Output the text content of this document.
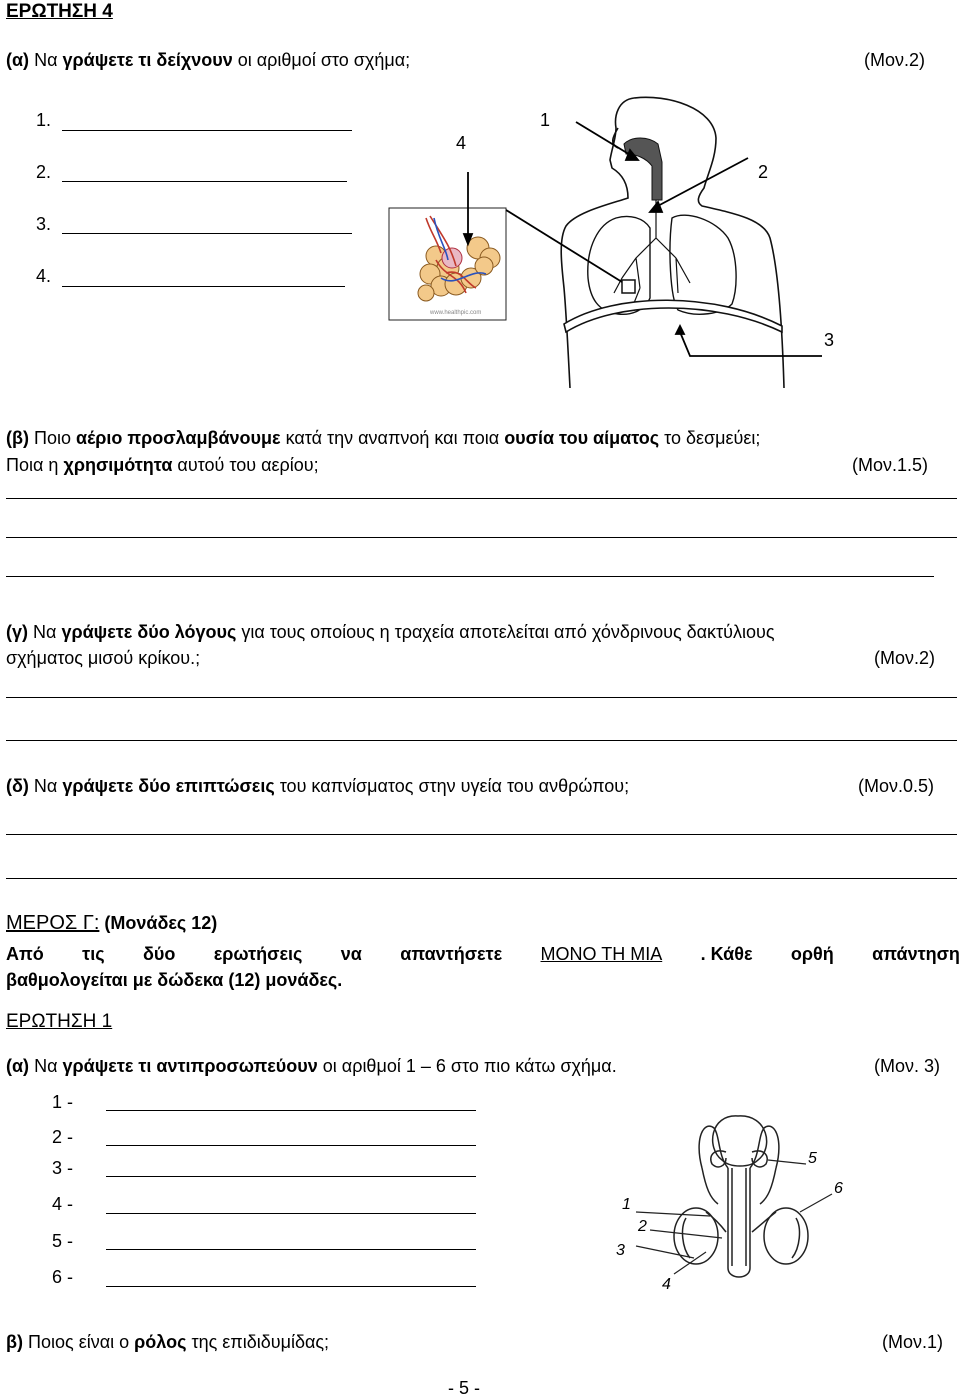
ΕΡΩΤΗΣΗ 4
(α) Να γράψετε τι δείχνουν οι αριθμοί στο σχήμα;	(Μον.2)
1.
2.
3.
4.
www.healthpic.com
1
2
3
4
(β) Ποιο αέριο προσλαμβάνουμε κατά την αναπνοή και ποια ουσία του αίματος το δεσμεύει;
Ποια η χρησιμότητα αυτού του αερίου;	(Μον.1.5)
(γ) Να γράψετε δύο λόγους για τους οποίους η τραχεία αποτελείται από χόνδρινους δακτύλιους
σχήματος μισού κρίκου.;	(Μον.2)
(δ) Να γράψετε δύο επιπτώσεις του καπνίσματος στην υγεία του ανθρώπου;	(Μον.0.5)
ΜΕΡΟΣ Γ: (Μονάδες 12)
Από τις δύο ερωτήσεις να απαντήσετε ΜΟΝΟ ΤΗ ΜΙΑ . Κάθε ορθή απάντηση
βαθμολογείται με δώδεκα (12) μονάδες.
ΕΡΩΤΗΣΗ 1
(α) Να γράψετε τι αντιπροσωπεύουν οι αριθμοί 1 – 6 στο πιο κάτω σχήμα.	(Μον. 3)
1 -
2 -
3 -
4 -
5 -
6 -
1
2
3
4
5
6
β) Ποιος είναι ο ρόλος της επιδιδυμίδας;	(Μον.1)
- 5 -
